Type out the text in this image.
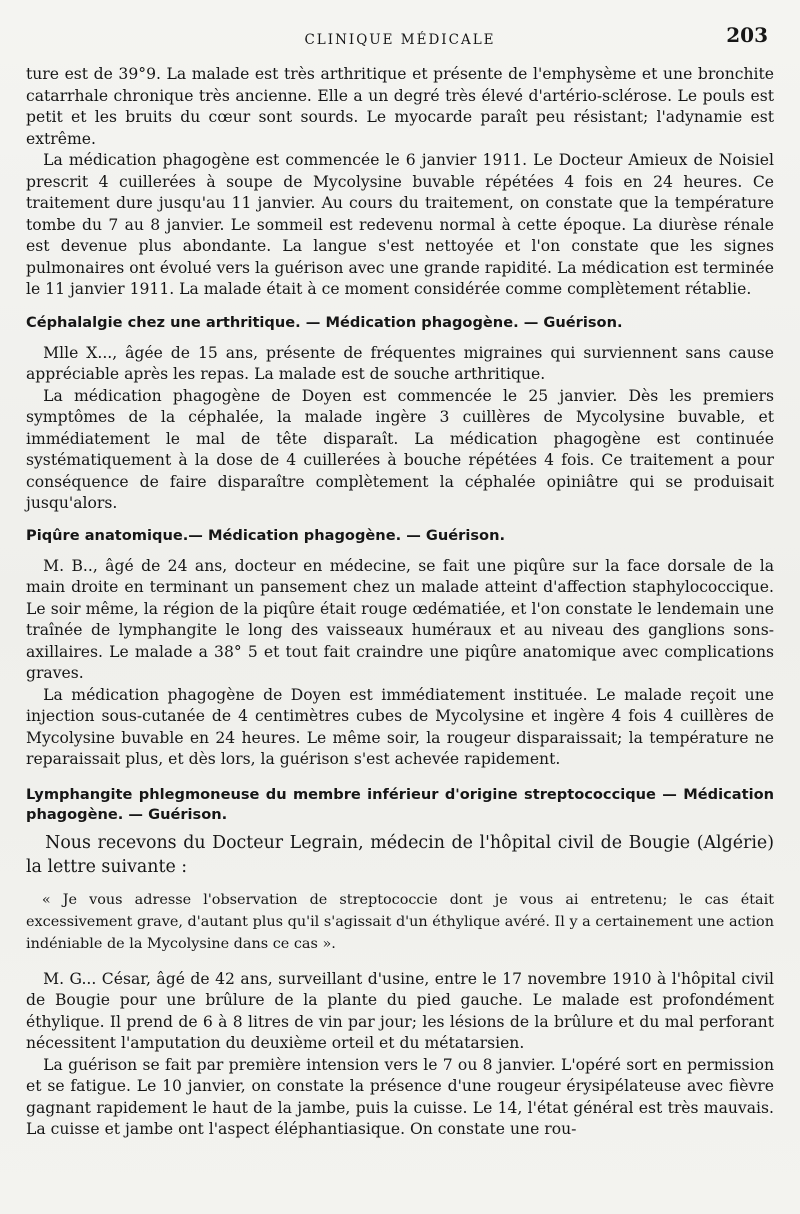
CLINIQUE MÉDICALE	203

ture est de 39°9. La malade est très arthritique et présente de l'emphysème et une bronchite catarrhale chronique très ancienne. Elle a un degré très élevé d'artério-sclérose. Le pouls est petit et les bruits du cœur sont sourds. Le myocarde paraît peu résistant; l'adynamie est extrême.

La médication phagogène est commencée le 6 janvier 1911. Le Docteur Amieux de Noisiel prescrit 4 cuillerées à soupe de Mycolysine buvable répétées 4 fois en 24 heures. Ce traitement dure jusqu'au 11 janvier. Au cours du traitement, on constate que la température tombe du 7 au 8 janvier. Le sommeil est redevenu normal à cette époque. La diurèse rénale est devenue plus abondante. La langue s'est nettoyée et l'on constate que les signes pulmonaires ont évolué vers la guérison avec une grande rapidité. La médication est terminée le 11 janvier 1911. La malade était à ce moment considérée comme complètement rétablie.

Céphalalgie chez une arthritique. — Médication phagogène. — Guérison.

Mlle X..., âgée de 15 ans, présente de fréquentes migraines qui surviennent sans cause appréciable après les repas. La malade est de souche arthritique.

La médication phagogène de Doyen est commencée le 25 janvier. Dès les premiers symptômes de la céphalée, la malade ingère 3 cuillères de Mycolysine buvable, et immédiatement le mal de tête disparaît. La médication phagogène est continuée systématiquement à la dose de 4 cuillerées à bouche répétées 4 fois. Ce traitement a pour conséquence de faire disparaître complètement la céphalée opiniâtre qui se produisait jusqu'alors.

Piqûre anatomique.— Médication phagogène. — Guérison.

M. B.., âgé de 24 ans, docteur en médecine, se fait une piqûre sur la face dorsale de la main droite en terminant un pansement chez un malade atteint d'affection staphylococcique. Le soir même, la région de la piqûre était rouge œdématiée, et l'on constate le lendemain une traînée de lymphangite le long des vaisseaux huméraux et au niveau des ganglions sons-axillaires. Le malade a 38° 5 et tout fait craindre une piqûre anatomique avec complications graves.

La médication phagogène de Doyen est immédiatement instituée. Le malade reçoit une injection sous-cutanée de 4 centimètres cubes de Mycolysine et ingère 4 fois 4 cuillères de Mycolysine buvable en 24 heures. Le même soir, la rougeur disparaissait; la température ne reparaissait plus, et dès lors, la guérison s'est achevée rapidement.

Lymphangite phlegmoneuse du membre inférieur d'origine streptococcique — Médication phagogène. — Guérison.

Nous recevons du Docteur Legrain, médecin de l'hôpital civil de Bougie (Algérie) la lettre suivante :

« Je vous adresse l'observation de streptococcie dont je vous ai entretenu; le cas était excessivement grave, d'autant plus qu'il s'agissait d'un éthylique avéré. Il y a certainement une action indéniable de la Mycolysine dans ce cas ».

M. G... César, âgé de 42 ans, surveillant d'usine, entre le 17 novembre 1910 à l'hôpital civil de Bougie pour une brûlure de la plante du pied gauche. Le malade est profondément éthylique. Il prend de 6 à 8 litres de vin par jour; les lésions de la brûlure et du mal perforant nécessitent l'amputation du deuxième orteil et du métatarsien.

La guérison se fait par première intension vers le 7 ou 8 janvier. L'opéré sort en permission et se fatigue. Le 10 janvier, on constate la présence d'une rougeur érysipélateuse avec fièvre gagnant rapidement le haut de la jambe, puis la cuisse. Le 14, l'état général est très mauvais. La cuisse et jambe ont l'aspect éléphantiasique. On constate une rou-
